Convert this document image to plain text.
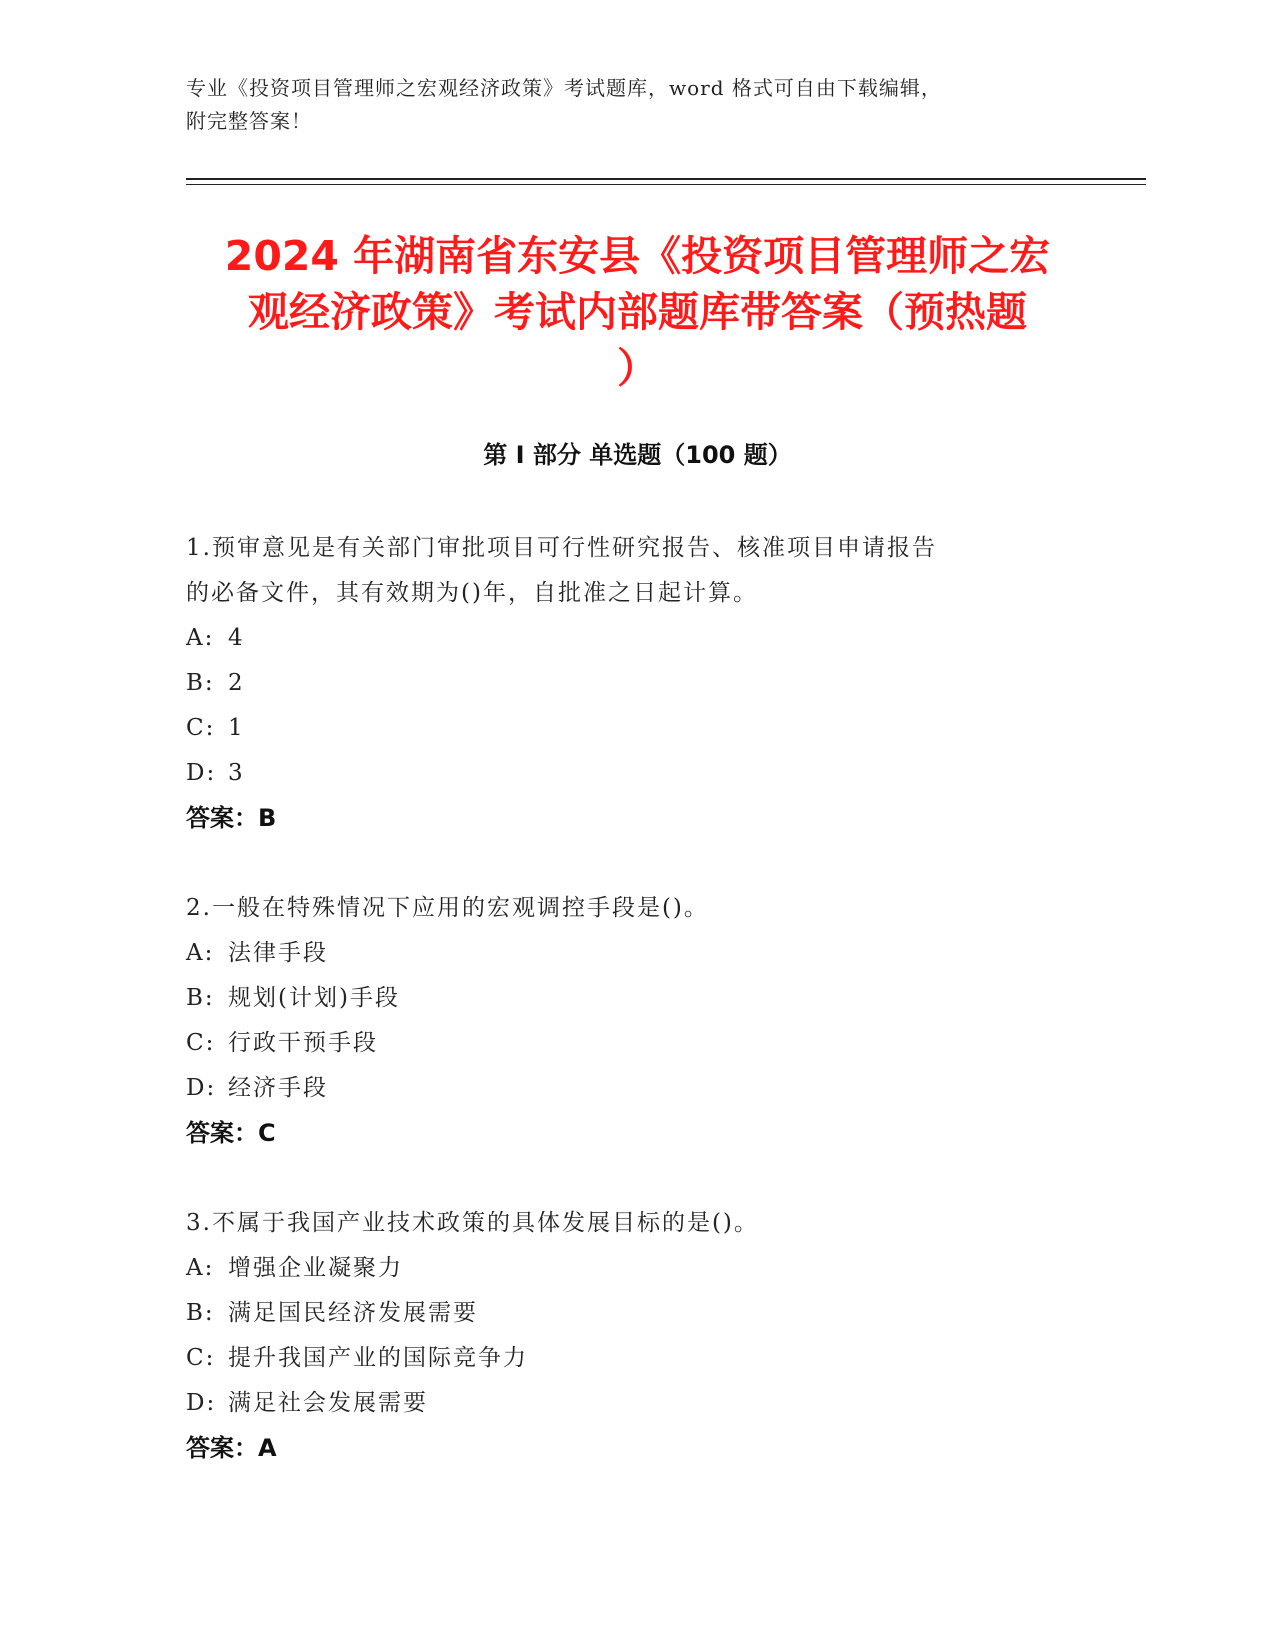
专业《投资项目管理师之宏观经济政策》考试题库，word 格式可自由下载编辑，
附完整答案！
2024 年湖南省东安县《投资项目管理师之宏
观经济政策》考试内部题库带答案（预热题
）
第 I 部分 单选题（100 题）
1.预审意见是有关部门审批项目可行性研究报告、核准项目申请报告
的必备文件，其有效期为()年，自批准之日起计算。
A: 4
B: 2
C: 1
D: 3
答案：B
2.一般在特殊情况下应用的宏观调控手段是()。
A: 法律手段
B: 规划(计划)手段
C: 行政干预手段
D: 经济手段
答案：C
3.不属于我国产业技术政策的具体发展目标的是()。
A: 增强企业凝聚力
B: 满足国民经济发展需要
C: 提升我国产业的国际竞争力
D: 满足社会发展需要
答案：A
